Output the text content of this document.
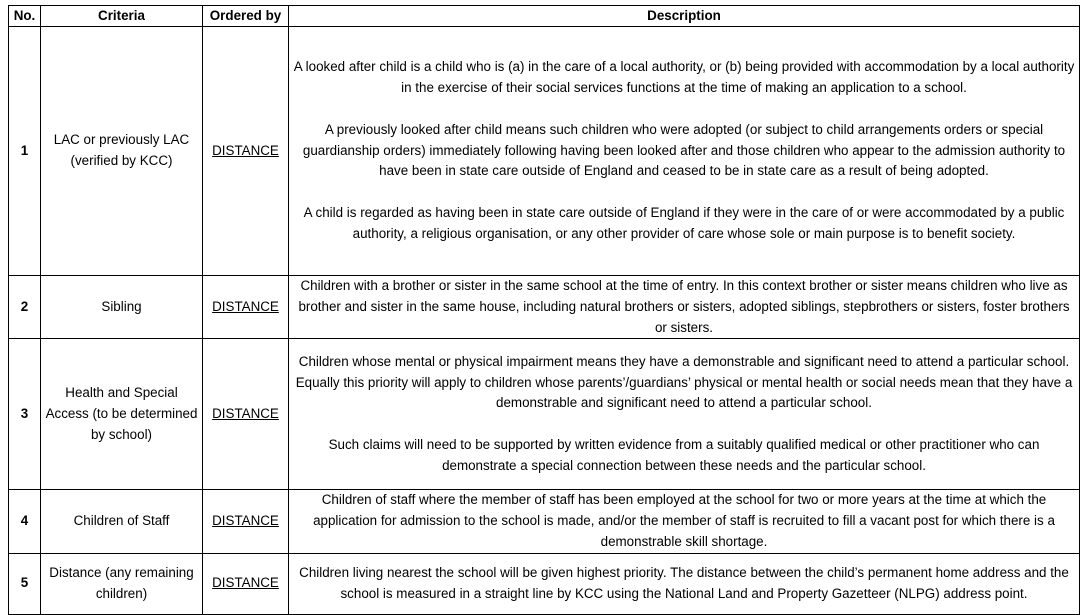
No.	Criteria	Ordered by	Description
1	LAC or previously LAC (verified by KCC)	DISTANCE	A looked after child is a child who is (a) in the care of a local authority, or (b) being provided with accommodation by a local authority in the exercise of their social services functions at the time of making an application to a school.

A previously looked after child means such children who were adopted (or subject to child arrangements orders or special guardianship orders) immediately following having been looked after and those children who appear to the admission authority to have been in state care outside of England and ceased to be in state care as a result of being adopted.

A child is regarded as having been in state care outside of England if they were in the care of or were accommodated by a public authority, a religious organisation, or any other provider of care whose sole or main purpose is to benefit society.

2	Sibling	DISTANCE	Children with a brother or sister in the same school at the time of entry. In this context brother or sister means children who live as brother and sister in the same house, including natural brothers or sisters, adopted siblings, stepbrothers or sisters, foster brothers or sisters.

3	Health and Special Access (to be determined by school)	DISTANCE	Children whose mental or physical impairment means they have a demonstrable and significant need to attend a particular school. Equally this priority will apply to children whose parents’/guardians’ physical or mental health or social needs mean that they have a demonstrable and significant need to attend a particular school.

Such claims will need to be supported by written evidence from a suitably qualified medical or other practitioner who can demonstrate a special connection between these needs and the particular school.

4	Children of Staff	DISTANCE	Children of staff where the member of staff has been employed at the school for two or more years at the time at which the application for admission to the school is made, and/or the member of staff is recruited to fill a vacant post for which there is a demonstrable skill shortage.

5	Distance (any remaining children)	DISTANCE	Children living nearest the school will be given highest priority. The distance between the child’s permanent home address and the school is measured in a straight line by KCC using the National Land and Property Gazetteer (NLPG) address point.
